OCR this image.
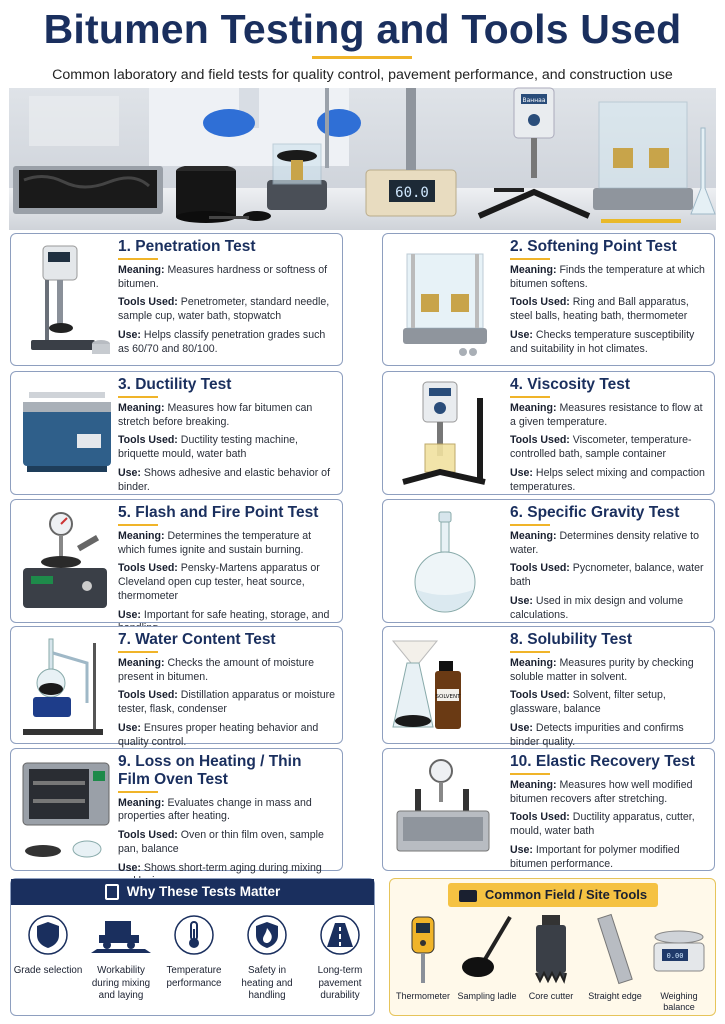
Bitumen Testing and Tools Used
Common laboratory and field tests for quality control, pavement performance, and construction use
60.0
Ваннаа
1. Penetration Test

Meaning: Measures hardness or softness of bitumen.

Tools Used: Penetrometer, standard needle, sample cup, water bath, stopwatch

Use: Helps classify penetration grades such as 60/70 and 80/100.

2. Softening Point Test

Meaning: Finds the temperature at which bitumen softens.

Tools Used: Ring and Ball apparatus, steel balls, heating bath, thermometer

Use: Checks temperature susceptibility and suitability in hot climates.

3. Ductility Test

Meaning: Measures how far bitumen can stretch before breaking.

Tools Used: Ductility testing machine, briquette mould, water bath

Use: Shows adhesive and elastic behavior of binder.

4. Viscosity Test

Meaning: Measures resistance to flow at a given temperature.

Tools Used: Viscometer, temperature-controlled bath, sample container

Use: Helps select mixing and compaction temperatures.

5. Flash and Fire Point Test

Meaning: Determines the temperature at which fumes ignite and sustain burning.

Tools Used: Pensky-Martens apparatus or Cleveland open cup tester, heat source, thermometer

Use: Important for safe heating, storage, and

6. Specific Gravity Test

Meaning: Determines density relative to water.

Tools Used: Pycnometer, balance, water bath

Use: Used in mix design and volume calculations.

7. Water Content Test

Meaning: Checks the amount of moisture present in bitumen.

Tools Used: Distillation apparatus or moisture tester, flask, condenser

Use: Ensures proper heating behavior and quality control.

SOLVENT
8. Solubility Test

Meaning: Measures purity by checking soluble matter in solvent.

Tools Used: Solvent, filter setup, glassware, balance

Use: Detects impurities and confirms binder quality.

9. Loss on Heating / Thin Film Oven Test

Meaning: Evaluates change in mass and properties after heating.

Tools Used: Oven or thin film oven, sample pan, balance

Use: Shows short-term aging during mixing

10. Elastic Recovery Test

Meaning: Measures how well modified bitumen recovers after stretching.

Tools Used: Ductility apparatus, cutter, mould, water bath

Use: Important for polymer modified bitumen performance.

Why These Tests Matter
Grade selection	Workability during mixing and laying
Temperature performance
Safety in heating and handling
Long-term pavement durability
Common Field / Site Tools
Thermometer Sampling ladle	Core cutter	Straight edge
0.00
Weighing balance
